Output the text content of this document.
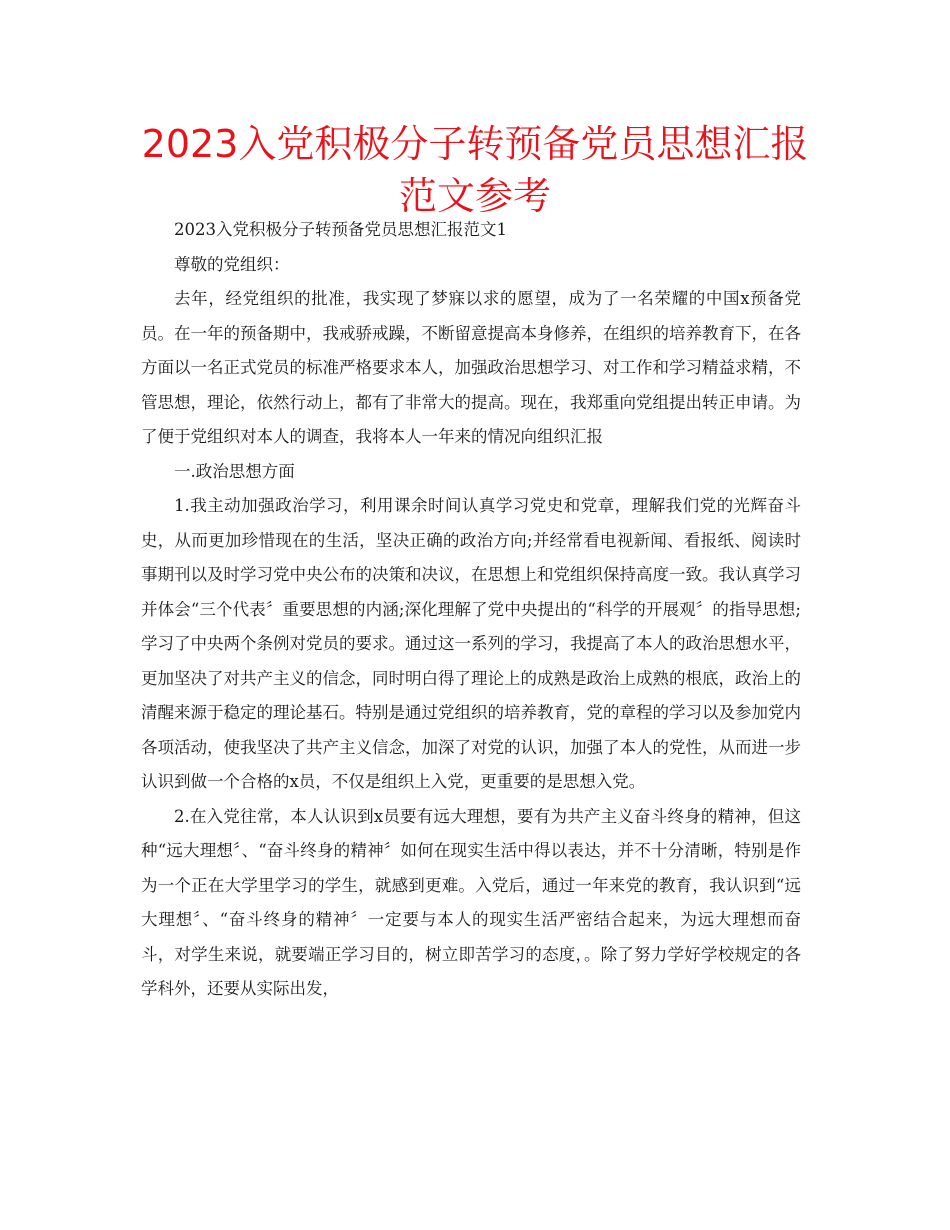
2023入党积极分子转预备党员思想汇报范文参考

2023入党积极分子转预备党员思想汇报范文1

尊敬的党组织：

去年，经党组织的批准，我实现了梦寐以求的愿望，成为了一名荣耀的中国x预备党员。在一年的预备期中，我戒骄戒躁，不断留意提高本身修养，在组织的培养教育下，在各方面以一名正式党员的标准严格要求本人，加强政治思想学习、对工作和学习精益求精，不管思想，理论，依然行动上，都有了非常大的提高。现在，我郑重向党组提出转正申请。为了便于党组织对本人的调查，我将本人一年来的情况向组织汇报

一.政治思想方面

1.我主动加强政治学习，利用课余时间认真学习党史和党章，理解我们党的光辉奋斗史，从而更加珍惜现在的生活，坚决正确的政治方向;并经常看电视新闻、看报纸、阅读时事期刊以及时学习党中央公布的决策和决议，在思想上和党组织保持高度一致。我认真学习并体会“三个代表〞重要思想的内涵;深化理解了党中央提出的“科学的开展观〞的指导思想;学习了中央两个条例对党员的要求。通过这一系列的学习，我提高了本人的政治思想水平，更加坚决了对共产主义的信念，同时明白得了理论上的成熟是政治上成熟的根底，政治上的清醒来源于稳定的理论基石。特别是通过党组织的培养教育，党的章程的学习以及参加党内各项活动，使我坚决了共产主义信念，加深了对党的认识，加强了本人的党性，从而进一步认识到做一个合格的x员，不仅是组织上入党，更重要的是思想入党。

2.在入党往常，本人认识到x员要有远大理想，要有为共产主义奋斗终身的精神，但这种“远大理想〞、“奋斗终身的精神〞如何在现实生活中得以表达，并不十分清晰，特别是作为一个正在大学里学习的学生，就感到更难。入党后，通过一年来党的教育，我认识到“远大理想〞、“奋斗终身的精神〞一定要与本人的现实生活严密结合起来，为远大理想而奋斗，对学生来说，就要端正学习目的，树立即苦学习的态度，。除了努力学好学校规定的各学科外，还要从实际出发，
